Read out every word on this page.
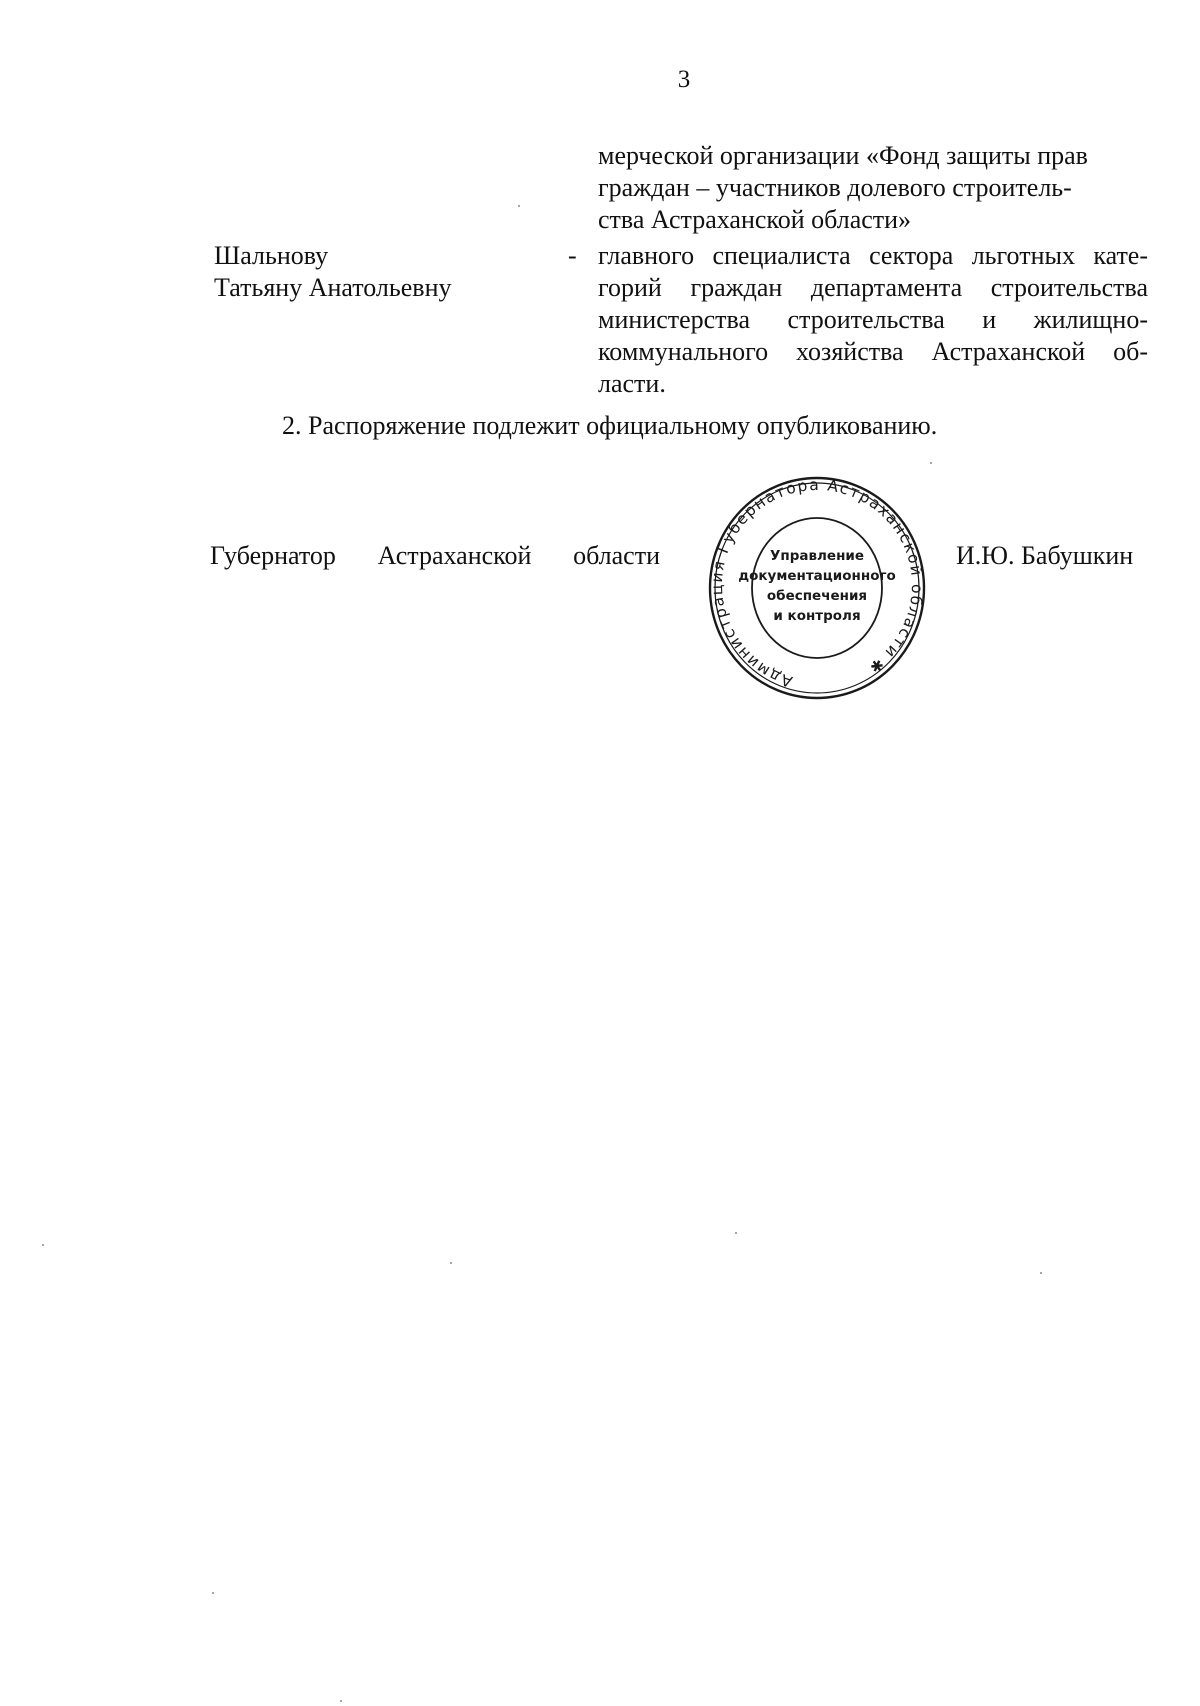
3
мерческой организации «Фонд защиты прав
граждан – участников долевого строитель-
ства Астраханской области»
Шальнову
Татьяну Анатольевну
- главного специалиста сектора льготных кате-
горий граждан департамента строительства
министерства строительства и жилищно-
коммунального хозяйства Астраханской об-
ласти.
2. Распоряжение подлежит официальному опубликованию.
Губернатор Астраханской области	И.Ю. Бабушкин
Администрация Губернатора Астраханской области ✱
Управление
документационного
обеспечения
и контроля
